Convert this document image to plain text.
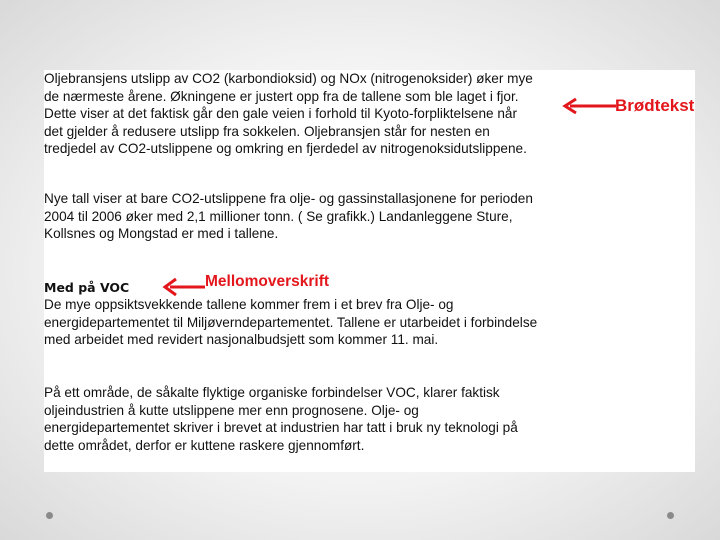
Oljebransjens utslipp av CO2 (karbondioksid) og NOx (nitrogenoksider) øker mye
de nærmeste årene. Økningene er justert opp fra de tallene som ble laget i fjor.
Dette viser at det faktisk går den gale veien i forhold til Kyoto-forpliktelsene når
det gjelder å redusere utslipp fra sokkelen. Oljebransjen står for nesten en
tredjedel av CO2-utslippene og omkring en fjerdedel av nitrogenoksidutslippene.

Nye tall viser at bare CO2-utslippene fra olje- og gassinstallasjonene for perioden
2004 til 2006 øker med 2,1 millioner tonn. ( Se grafikk.) Landanleggene Sture,
Kollsnes og Mongstad er med i tallene.

Med på VOC

De mye oppsiktsvekkende tallene kommer frem i et brev fra Olje- og
energidepartementet til Miljøverndepartementet. Tallene er utarbeidet i forbindelse
med arbeidet med revidert nasjonalbudsjett som kommer 11. mai.

På ett område, de såkalte flyktige organiske forbindelser VOC, klarer faktisk
oljeindustrien å kutte utslippene mer enn prognosene. Olje- og
energidepartementet skriver i brevet at industrien har tatt i bruk ny teknologi på
dette området, derfor er kuttene raskere gjennomført.

Brødtekst
Mellomoverskrift
